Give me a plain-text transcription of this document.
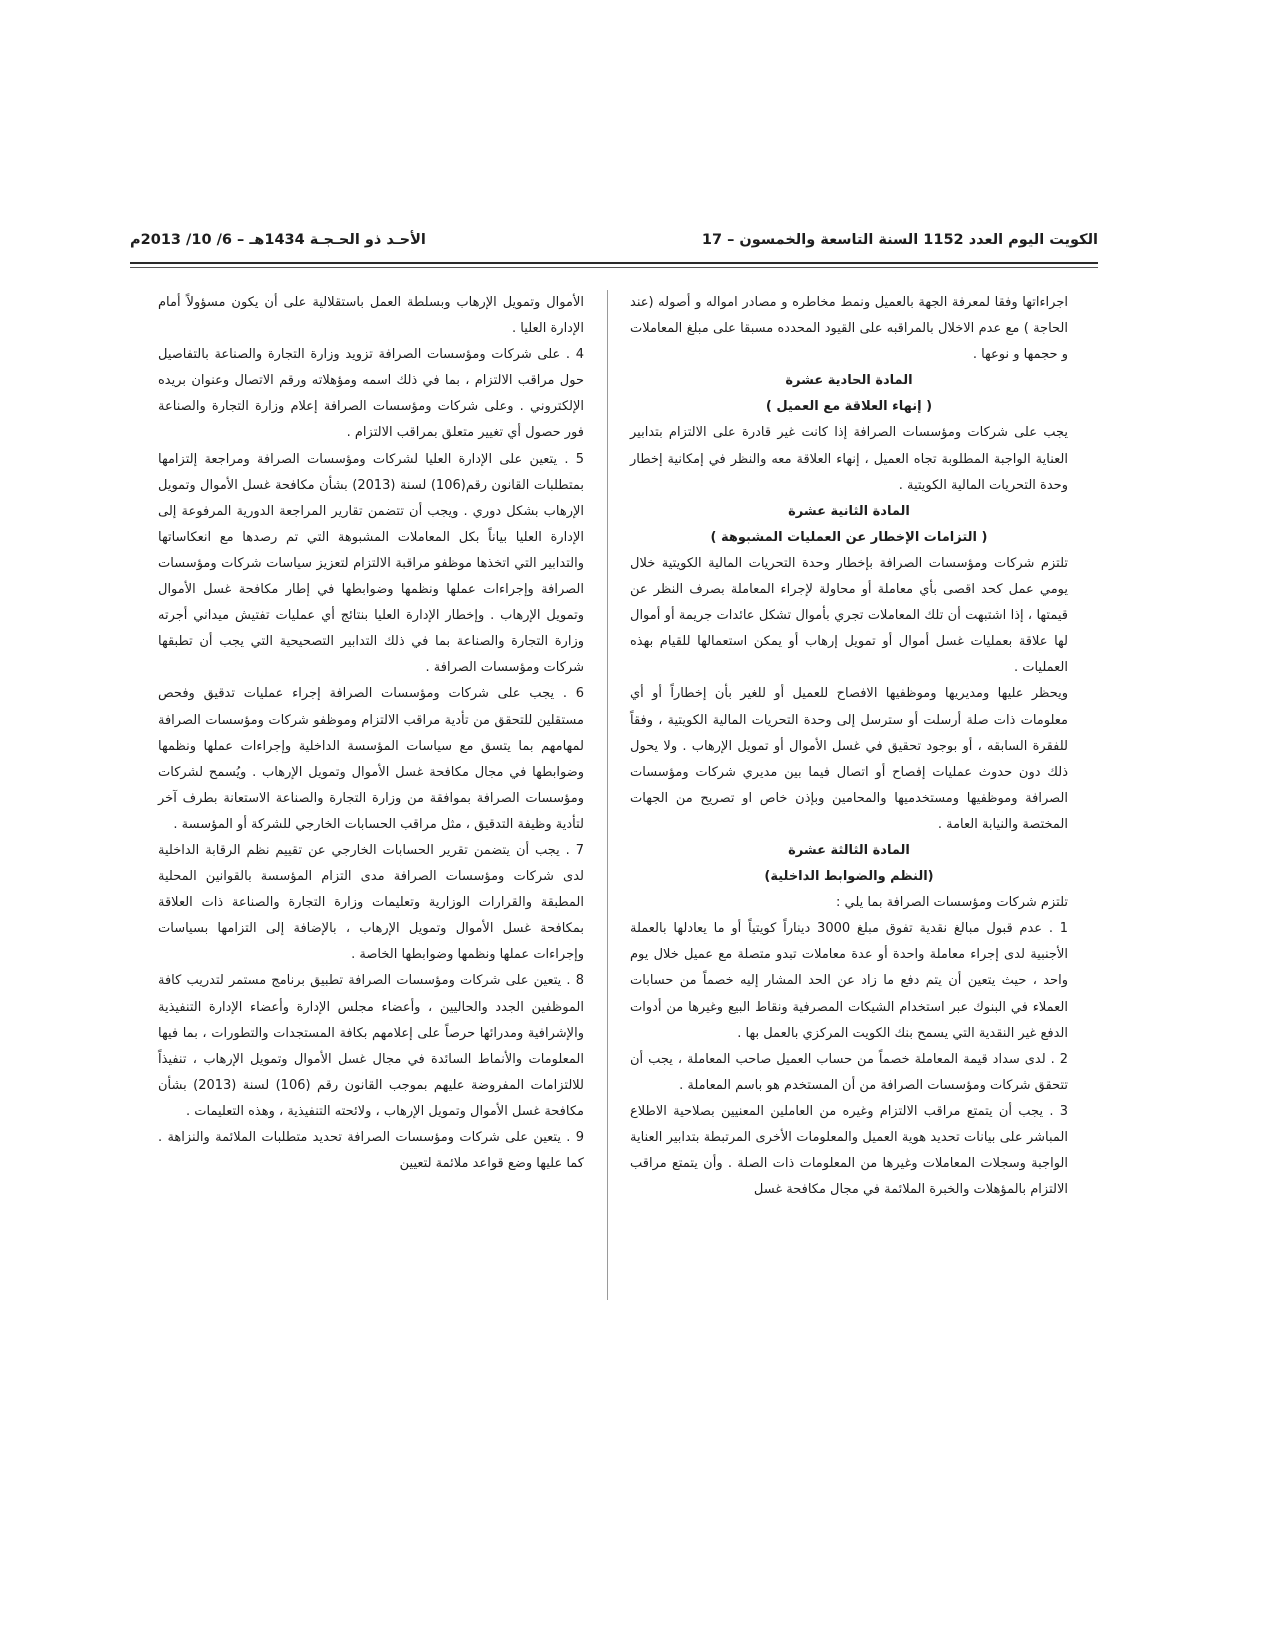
الكويت اليوم العدد 1152 السنة التاسعة والخمسون – 17
الأحـد ذو الحـجـة 1434هـ – 6/ 10/ 2013م

اجراءاتها وفقا لمعرفة الجهة بالعميل ونمط مخاطره و مصادر امواله و أصوله (عند الحاجة ) مع عدم الاخلال بالمراقبه على القيود المحدده مسبقا على مبلغ المعاملات و حجمها و نوعها .

المادة الحادية عشرة

( إنهاء العلاقة مع العميل )

يجب على شركات ومؤسسات الصرافة إذا كانت غير قادرة على الالتزام بتدابير العناية الواجبة المطلوبة تجاه العميل ، إنهاء العلاقة معه والنظر في إمكانية إخطار وحدة التحريات المالية الكويتية .

المادة الثانية عشرة

( التزامات الإخطار عن العمليات المشبوهة )

تلتزم شركات ومؤسسات الصرافة بإخطار وحدة التحريات المالية الكويتية خلال يومي عمل كحد اقصى بأي معاملة أو محاولة لإجراء المعاملة بصرف النظر عن قيمتها ، إذا اشتبهت أن تلك المعاملات تجري بأموال تشكل عائدات جريمة أو أموال لها علاقة بعمليات غسل أموال أو تمويل إرهاب أو يمكن استعمالها للقيام بهذه العمليات .

ويحظر عليها ومديريها وموظفيها الافصاح للعميل أو للغير بأن إخطاراً أو أي معلومات ذات صلة أرسلت أو سترسل إلى وحدة التحريات المالية الكويتية ، وفقاً للفقرة السابقه ، أو بوجود تحقيق في غسل الأموال أو تمويل الإرهاب . ولا يحول ذلك دون حدوث عمليات إفصاح أو اتصال فيما بين مديري شركات ومؤسسات الصرافة وموظفيها ومستخدميها والمحامين وبإذن خاص او تصريح من الجهات المختصة والنيابة العامة .

المادة الثالثة عشرة

(النظم والضوابط الداخلية)

تلتزم شركات ومؤسسات الصرافة بما يلي :

1 . عدم قبول مبالغ نقدية تفوق مبلغ 3000 ديناراً كويتياً أو ما يعادلها بالعملة الأجنبية لدى إجراء معاملة واحدة أو عدة معاملات تبدو متصلة مع عميل خلال يوم واحد ، حيث يتعين أن يتم دفع ما زاد عن الحد المشار إليه خصماً من حسابات العملاء في البنوك عبر استخدام الشيكات المصرفية ونقاط البيع وغيرها من أدوات الدفع غير النقدية التي يسمح بنك الكويت المركزي بالعمل بها .

2 . لدى سداد قيمة المعاملة خصماً من حساب العميل صاحب المعاملة ، يجب أن تتحقق شركات ومؤسسات الصرافة من أن المستخدم هو باسم المعاملة .

3 . يجب أن يتمتع مراقب الالتزام وغيره من العاملين المعنيين بصلاحية الاطلاع المباشر على بيانات تحديد هوية العميل والمعلومات الأخرى المرتبطة بتدابير العناية الواجبة وسجلات المعاملات وغيرها من المعلومات ذات الصلة . وأن يتمتع مراقب الالتزام بالمؤهلات والخبرة الملائمة في مجال مكافحة غسل

الأموال وتمويل الإرهاب وبسلطة العمل باستقلالية على أن يكون مسؤولاً أمام الإدارة العليا .

4 . على شركات ومؤسسات الصرافة تزويد وزارة التجارة والصناعة بالتفاصيل حول مراقب الالتزام ، بما في ذلك اسمه ومؤهلاته ورقم الاتصال وعنوان بريده الإلكتروني . وعلى شركات ومؤسسات الصرافة إعلام وزارة التجارة والصناعة فور حصول أي تغيير متعلق بمراقب الالتزام .

5 . يتعين على الإدارة العليا لشركات ومؤسسات الصرافة ومراجعة إلتزامها بمتطلبات القانون رقم(106) لسنة (2013) بشأن مكافحة غسل الأموال وتمويل الإرهاب بشكل دوري . ويجب أن تتضمن تقارير المراجعة الدورية المرفوعة إلى الإدارة العليا بياناً بكل المعاملات المشبوهة التي تم رصدها مع انعكاساتها والتدابير التي اتخذها موظفو مراقبة الالتزام لتعزيز سياسات شركات ومؤسسات الصرافة وإجراءات عملها ونظمها وضوابطها في إطار مكافحة غسل الأموال وتمويل الإرهاب . وإخطار الإدارة العليا بنتائج أي عمليات تفتيش ميداني أجرته وزارة التجارة والصناعة بما في ذلك التدابير التصحيحية التي يجب أن تطبقها شركات ومؤسسات الصرافة .

6 . يجب على شركات ومؤسسات الصرافة إجراء عمليات تدقيق وفحص مستقلين للتحقق من تأدية مراقب الالتزام وموظفو شركات ومؤسسات الصرافة لمهامهم بما يتسق مع سياسات المؤسسة الداخلية وإجراءات عملها ونظمها وضوابطها في مجال مكافحة غسل الأموال وتمويل الإرهاب . ويُسمح لشركات ومؤسسات الصرافة بموافقة من وزارة التجارة والصناعة الاستعانة بطرف آخر لتأدية وظيفة التدقيق ، مثل مراقب الحسابات الخارجي للشركة أو المؤسسة .

7 . يجب أن يتضمن تقرير الحسابات الخارجي عن تقييم نظم الرقابة الداخلية لدى شركات ومؤسسات الصرافة مدى التزام المؤسسة بالقوانين المحلية المطبقة والقرارات الوزارية وتعليمات وزارة التجارة والصناعة ذات العلاقة بمكافحة غسل الأموال وتمويل الإرهاب ، بالإضافة إلى التزامها بسياسات وإجراءات عملها ونظمها وضوابطها الخاصة .

8 . يتعين على شركات ومؤسسات الصرافة تطبيق برنامج مستمر لتدريب كافة الموظفين الجدد والحاليين ، وأعضاء مجلس الإدارة وأعضاء الإدارة التنفيذية والإشرافية ومدرائها حرصاً على إعلامهم بكافة المستجدات والتطورات ، بما فيها المعلومات والأنماط السائدة في مجال غسل الأموال وتمويل الإرهاب ، تنفيذاً للالتزامات المفروضة عليهم بموجب القانون رقم (106) لسنة (2013) بشأن مكافحة غسل الأموال وتمويل الإرهاب ، ولائحته التنفيذية ، وهذه التعليمات .

9 . يتعين على شركات ومؤسسات الصرافة تحديد متطلبات الملائمة والنزاهة . كما عليها وضع قواعد ملائمة لتعيين
